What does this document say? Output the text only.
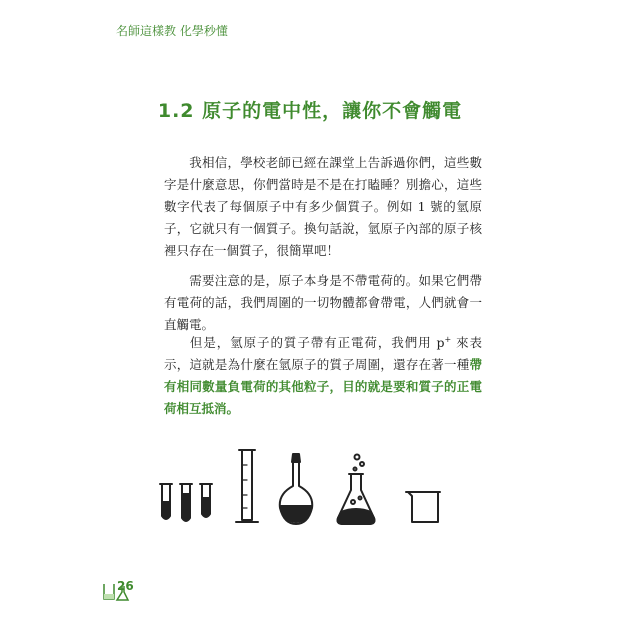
名師這樣教 化學秒懂
1.2 原子的電中性，讓你不會觸電
我相信，學校老師已經在課堂上告訴過你們，這些數字是什麼意思，你們當時是不是在打瞌睡？別擔心，這些數字代表了每個原子中有多少個質子。例如 1 號的氫原子，它就只有一個質子。換句話說，氫原子內部的原子核裡只存在一個質子，很簡單吧！
需要注意的是，原子本身是不帶電荷的。如果它們帶有電荷的話，我們周圍的一切物體都會帶電，人們就會一直觸電。
但是，氫原子的質子帶有正電荷，我們用 p+ 來表示，這就是為什麼在氫原子的質子周圍，還存在著一種帶有相同數量負電荷的其他粒子，目的就是要和質子的正電荷相互抵消。
26
